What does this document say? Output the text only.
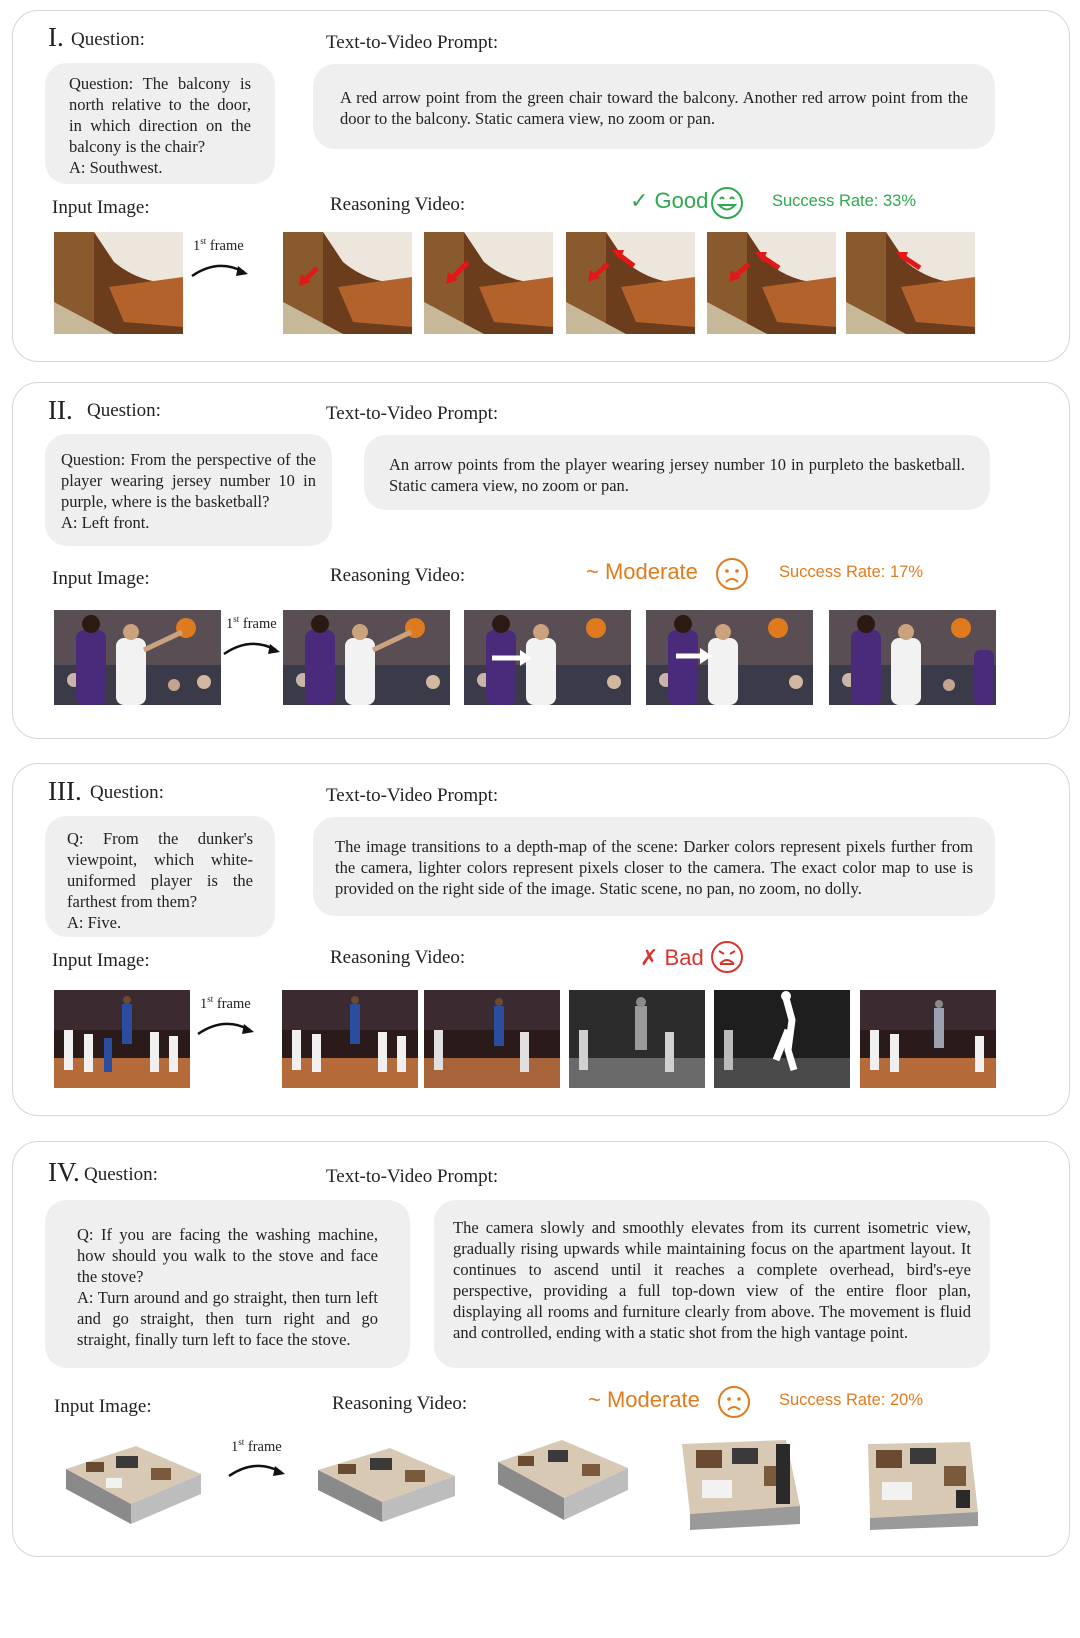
I. Question:	Text-to-Video Prompt:
Question: The balcony is north relative to the door, in which direction on the balcony is the chair?
A: Southwest.
A red arrow point from the green chair toward the balcony. Another red arrow point from the door to the balcony. Static camera view, no zoom or pan.
Input Image:	Reasoning Video:	✓ Good	Success Rate: 33%
1st frame
II. Question:	Text-to-Video Prompt:
Question: From the perspective of the player wearing jersey number 10 in purple, where is the basketball?
A: Left front.
An arrow points from the player wearing jersey number 10 in purpleto the basketball. Static camera view, no zoom or pan.
Input Image:	Reasoning Video:	~ Moderate	Success Rate: 17%
1st frame
III. Question:	Text-to-Video Prompt:
Q: From the dunker's viewpoint, which white-uniformed player is the farthest from them?
A: Five.
The image transitions to a depth-map of the scene: Darker colors represent pixels further from the camera, lighter colors represent pixels closer to the camera. The exact color map to use is provided on the right side of the image. Static scene, no pan, no zoom, no dolly.
Input Image:	Reasoning Video:	✗ Bad
1st frame
IV. Question:	Text-to-Video Prompt:
Q: If you are facing the washing machine, how should you walk to the stove and face the stove?
A: Turn around and go straight, then turn left and go straight, then turn right and go straight, finally turn left to face the stove.
The camera slowly and smoothly elevates from its current isometric view, gradually rising upwards while maintaining focus on the apartment layout. It continues to ascend until it reaches a complete overhead, bird's-eye perspective, providing a full top-down view of the entire floor plan, displaying all rooms and furniture clearly from above. The movement is fluid and controlled, ending with a static shot from the high vantage point.
Input Image:	Reasoning Video:	~ Moderate	Success Rate: 20%
1st frame
